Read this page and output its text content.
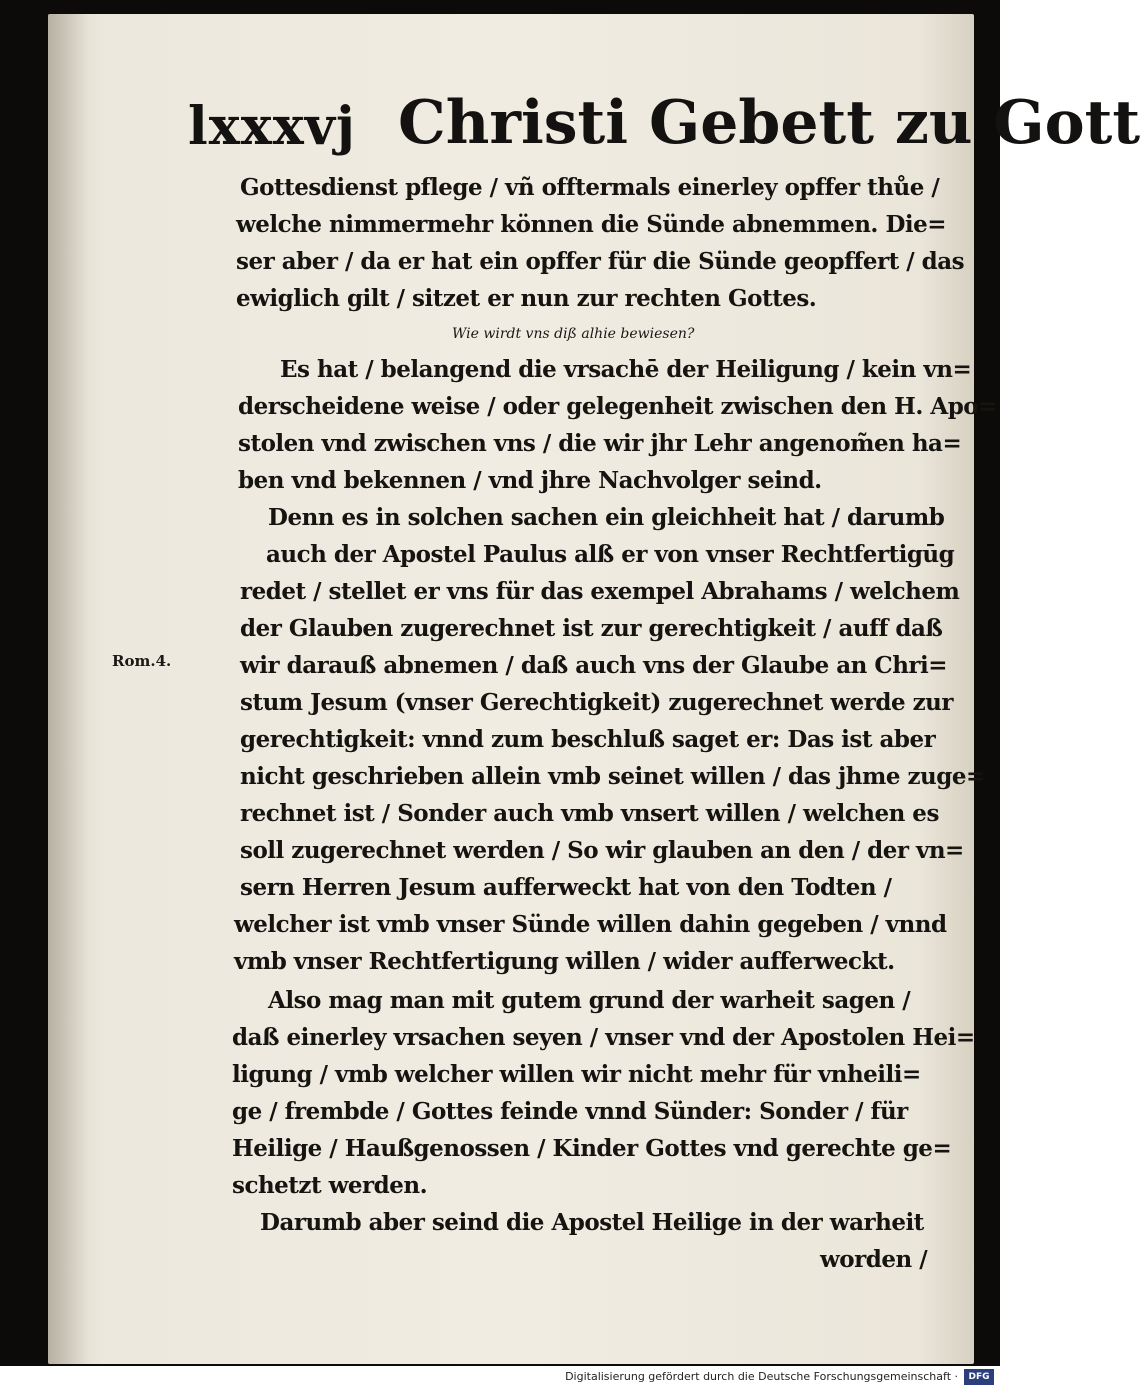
lxxxvj Christi Gebett zu Gott
Gottesdienst pflege / vñ offtermals einerley opffer thůe /
welche nimmermehr können die Sünde abnemmen. Die=
ser aber / da er hat ein opffer für die Sünde geopffert / das
ewiglich gilt / sitzet er nun zur rechten Gottes.
Wie wirdt vns diß alhie bewiesen?
Es hat / belangend die vrsachē der Heiligung / kein vn=
derscheidene weise / oder gelegenheit zwischen den H. Apo=
stolen vnd zwischen vns / die wir jhr Lehr angenom̃en ha=
ben vnd bekennen / vnd jhre Nachvolger seind.
Denn es in solchen sachen ein gleichheit hat / darumb
auch der Apostel Paulus alß er von vnser Rechtfertigūg
redet / stellet er vns für das exempel Abrahams / welchem
der Glauben zugerechnet ist zur gerechtigkeit / auff daß
wir darauß abnemen / daß auch vns der Glaube an Chri=
stum Jesum (vnser Gerechtigkeit) zugerechnet werde zur
gerechtigkeit: vnnd zum beschluß saget er: Das ist aber
nicht geschrieben allein vmb seinet willen / das jhme zuge=
rechnet ist / Sonder auch vmb vnsert willen / welchen es
soll zugerechnet werden / So wir glauben an den / der vn=
sern Herren Jesum aufferweckt hat von den Todten /
welcher ist vmb vnser Sünde willen dahin gegeben / vnnd
vmb vnser Rechtfertigung willen / wider aufferweckt.
Also mag man mit gutem grund der warheit sagen /
daß einerley vrsachen seyen / vnser vnd der Apostolen Hei=
ligung / vmb welcher willen wir nicht mehr für vnheili=
ge / frembde / Gottes feinde vnnd Sünder: Sonder / für
Heilige / Haußgenossen / Kinder Gottes vnd gerechte ge=
schetzt werden.
Darumb aber seind die Apostel Heilige in der warheit
worden /
Rom.4.
Digitalisierung gefördert durch die Deutsche Forschungsgemeinschaft ·	DFG
